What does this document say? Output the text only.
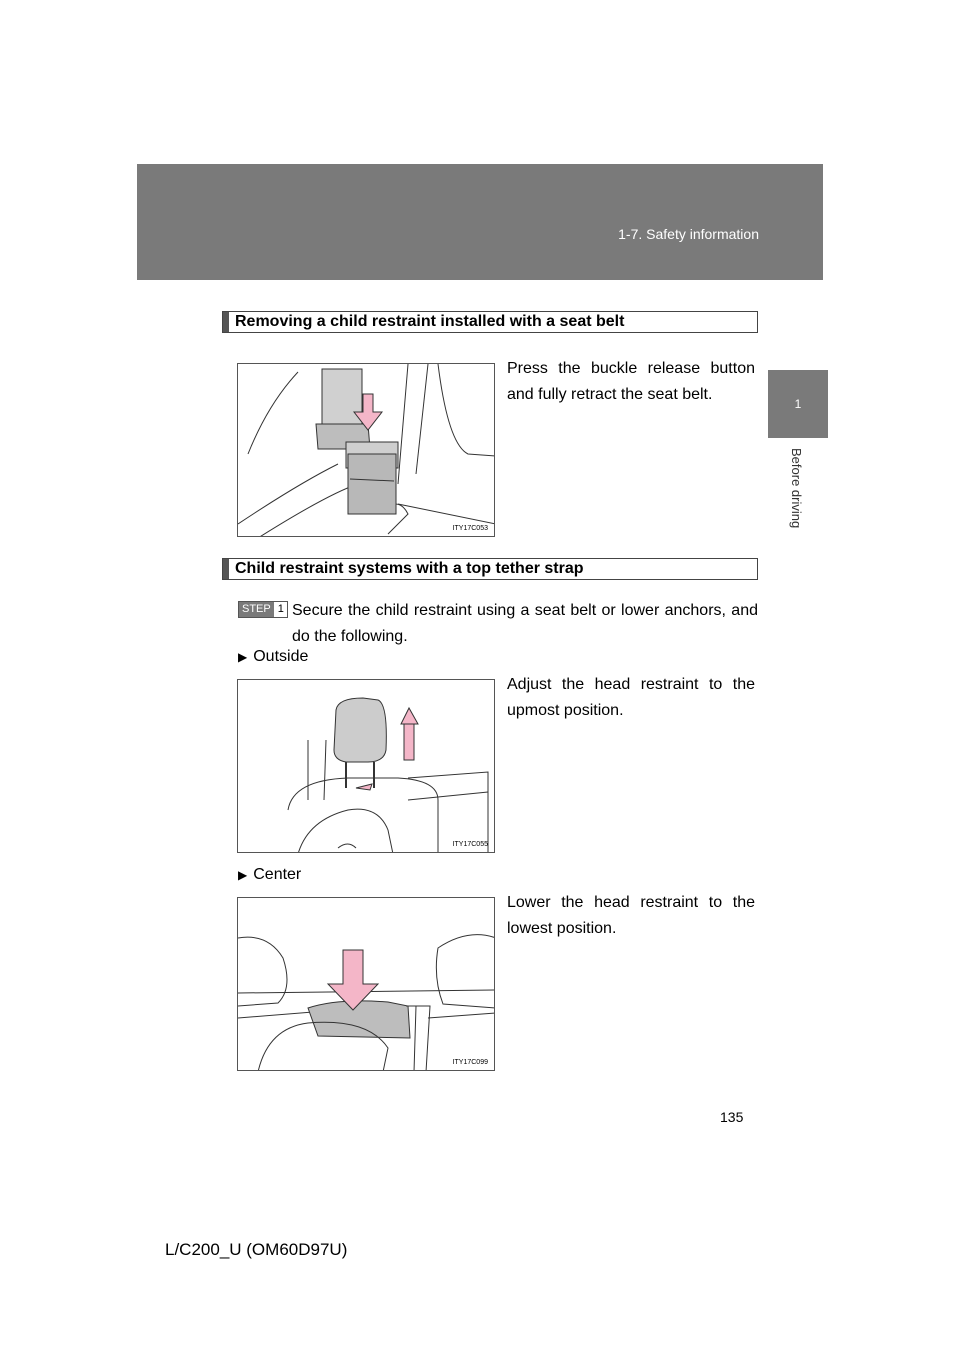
1-7. Safety information
1
Before driving
Removing a child restraint installed with a seat belt
ITY17C053
Press the buckle release button and fully retract the seat belt.
Child restraint systems with a top tether strap
STEP 1 Secure the child restraint using a seat belt or lower anchors, and do the following.
▶ Outside
ITY17C055
Adjust the head restraint to the upmost position.
▶ Center
ITY17C099
Lower the head restraint to the lowest position.
135
L/C200_U (OM60D97U)
